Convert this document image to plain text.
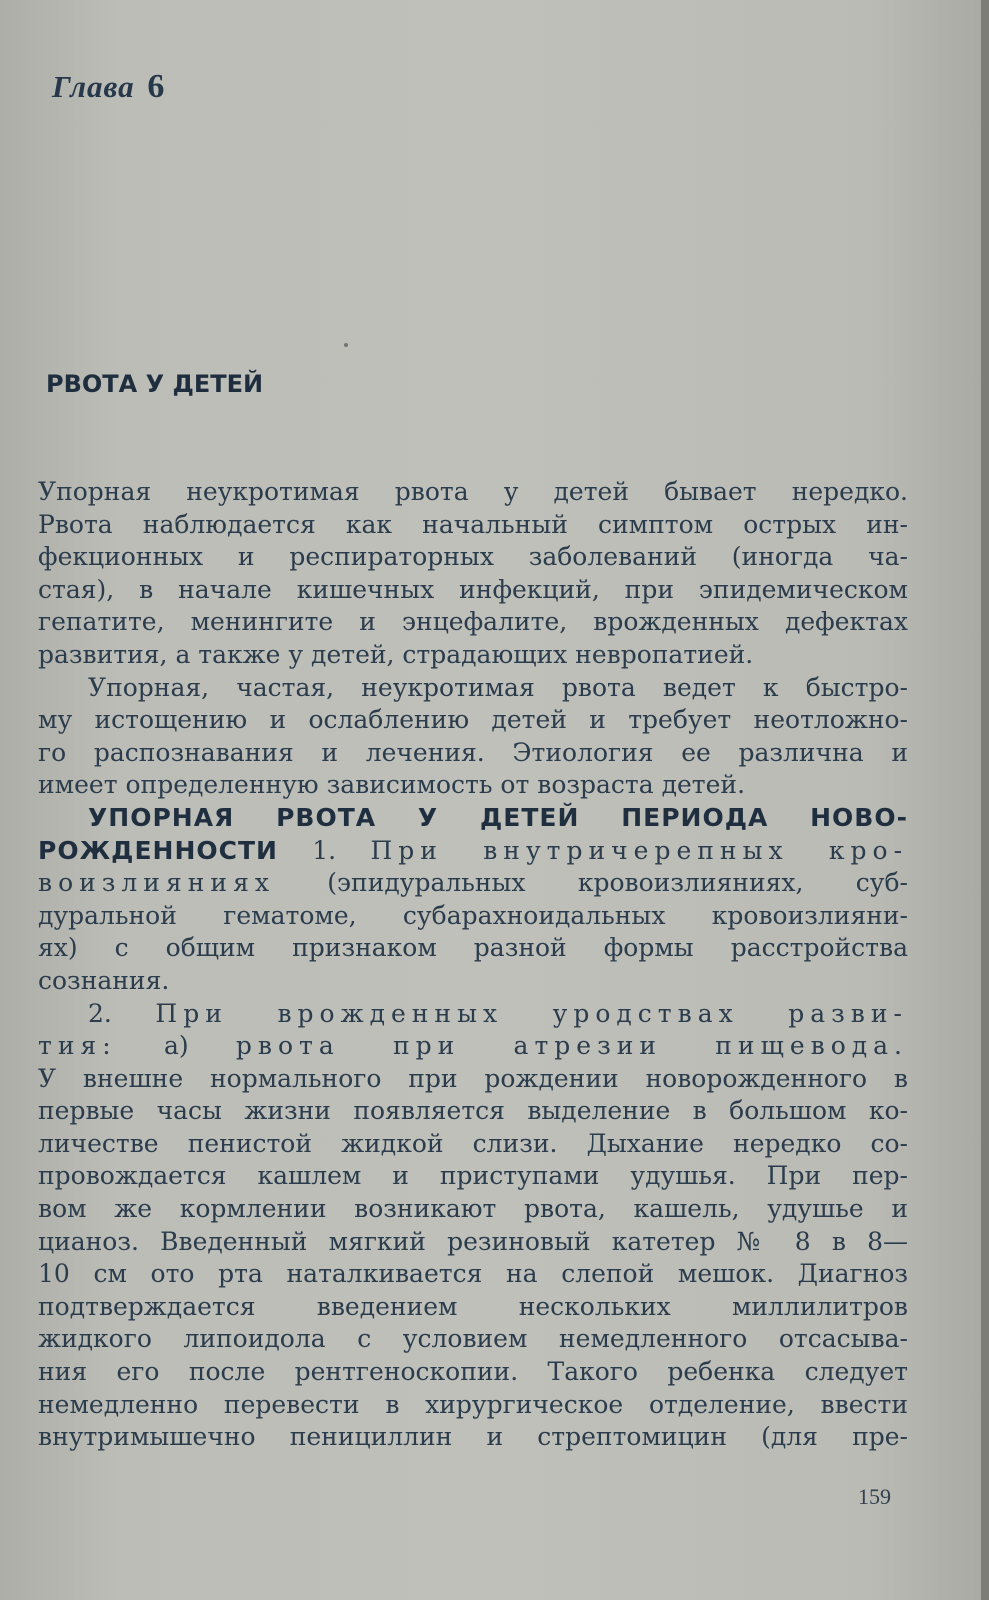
Глава 6
РВОТА У ДЕТЕЙ
Упорная неукротимая рвота у детей бывает нередко.
Рвота наблюдается как начальный симптом острых ин-
фекционных и респираторных заболеваний (иногда ча-
стая), в начале кишечных инфекций, при эпидемическом
гепатите, менингите и энцефалите, врожденных дефектах
развития, а также у детей, страдающих невропатией.
Упорная, частая, неукротимая рвота ведет к быстро-
му истощению и ослаблению детей и требует неотложно-
го распознавания и лечения. Этиология ее различна и
имеет определенную зависимость от возраста детей.
УПОРНАЯ РВОТА У ДЕТЕЙ ПЕРИОДА НОВО-
РОЖДЕННОСТИ 1. При внутричерепных кро-
воизлияниях (эпидуральных кровоизлияниях, суб-
дуральной гематоме, субарахноидальных кровоизлияни-
ях) с общим признаком разной формы расстройства
сознания.
2. При врожденных уродствах разви-
тия: а) рвота при атрезии пищевода.
У внешне нормального при рождении новорожденного в
первые часы жизни появляется выделение в большом ко-
личестве пенистой жидкой слизи. Дыхание нередко со-
провождается кашлем и приступами удушья. При пер-
вом же кормлении возникают рвота, кашель, удушье и
цианоз. Введенный мягкий резиновый катетер № 8 в 8—
10 см ото рта наталкивается на слепой мешок. Диагноз
подтверждается введением нескольких миллилитров
жидкого липоидола с условием немедленного отсасыва-
ния его после рентгеноскопии. Такого ребенка следует
немедленно перевести в хирургическое отделение, ввести
внутримышечно пенициллин и стрептомицин (для пре-
159
